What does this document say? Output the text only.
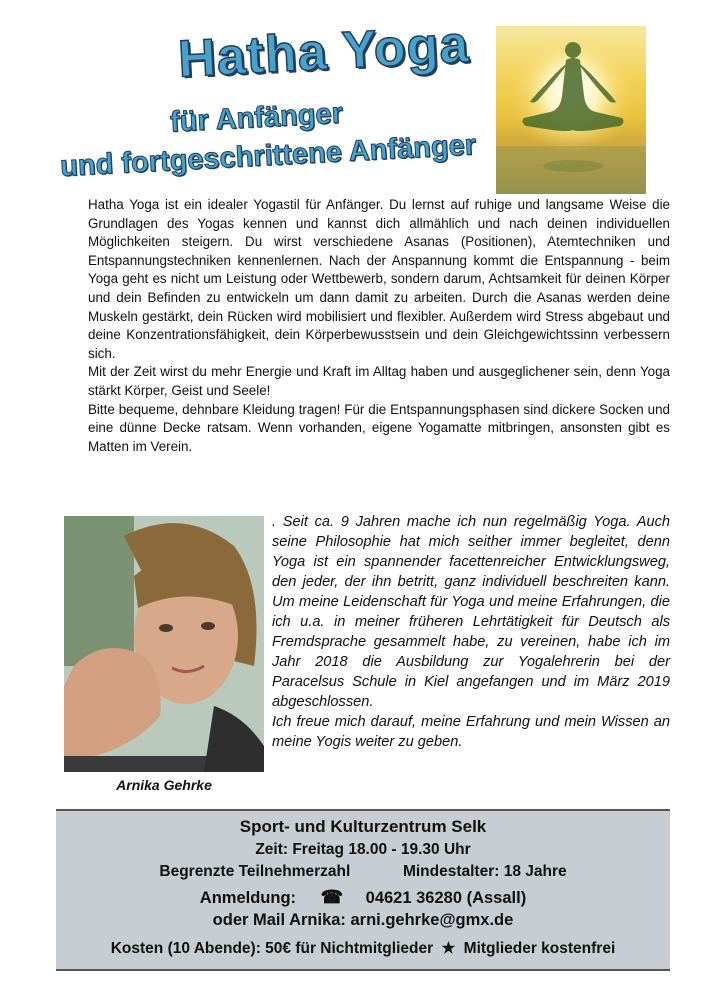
Hatha Yoga
für Anfänger
und fortgeschrittene Anfänger

Hatha Yoga ist ein idealer Yogastil für Anfänger. Du lernst auf ruhige und langsame Weise die Grundlagen des Yogas kennen und kannst dich allmählich und nach deinen individuellen Möglichkeiten steigern. Du wirst verschiedene Asanas (Positionen), Atemtechniken und Entspannungstechniken kennenlernen. Nach der Anspannung kommt die Entspannung - beim Yoga geht es nicht um Leistung oder Wettbewerb, sondern darum, Achtsamkeit für deinen Körper und dein Befinden zu entwickeln um dann damit zu arbeiten. Durch die Asanas werden deine Muskeln gestärkt, dein Rücken wird mobilisiert und flexibler. Außerdem wird Stress abgebaut und deine Konzentrationsfähigkeit, dein Körperbewusstsein und dein Gleichgewichtssinn verbessern sich.

Mit der Zeit wirst du mehr Energie und Kraft im Alltag haben und ausgeglichener sein, denn Yoga stärkt Körper, Geist und Seele!

Bitte bequeme, dehnbare Kleidung tragen! Für die Entspannungsphasen sind dickere Socken und eine dünne Decke ratsam. Wenn vorhanden, eigene Yogamatte mitbringen, ansonsten gibt es Matten im Verein.

Arnika Gehrke

. Seit ca. 9 Jahren mache ich nun regelmäßig Yoga. Auch seine Philosophie hat mich seither immer begleitet, denn Yoga ist ein spannender facettenreicher Entwicklungsweg, den jeder, der ihn betritt, ganz individuell beschreiten kann. Um meine Leidenschaft für Yoga und meine Erfahrungen, die ich u.a. in meiner früheren Lehrtätigkeit für Deutsch als Fremdsprache gesammelt habe, zu vereinen, habe ich im Jahr 2018 die Ausbildung zur Yogalehrerin bei der Paracelsus Schule in Kiel angefangen und im März 2019 abgeschlossen.

Ich freue mich darauf, meine Erfahrung und mein Wissen an meine Yogis weiter zu geben.

Sport- und Kulturzentrum Selk
Zeit: Freitag 18.00 - 19.30 Uhr
Begrenzte Teilnehmerzahl	Mindestalter: 18 Jahre
Anmeldung: ☎ 04621 36280 (Assall)
oder Mail Arnika: arni.gehrke@gmx.de
Kosten (10 Abende): 50€ für Nichtmitglieder ★ Mitglieder kostenfrei
